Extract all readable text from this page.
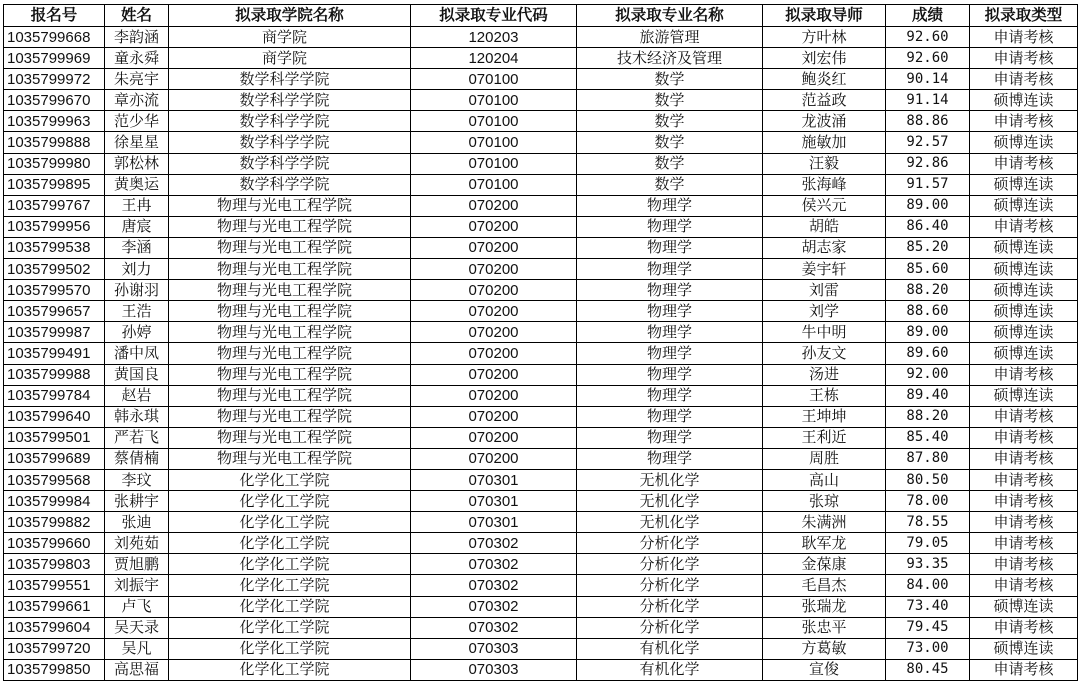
报名号	姓名	拟录取学院名称	拟录取专业代码	拟录取专业名称	拟录取导师	成绩	拟录取类型
1035799668	李韵涵	商学院	120203	旅游管理	方叶林	92.60	申请考核
1035799969	童永舜	商学院	120204	技术经济及管理	刘宏伟	92.60	申请考核
1035799972	朱亮宇	数学科学学院	070100	数学	鲍炎红	90.14	申请考核
1035799670	章亦流	数学科学学院	070100	数学	范益政	91.14	硕博连读
1035799963	范少华	数学科学学院	070100	数学	龙波涌	88.86	申请考核
1035799888	徐星星	数学科学学院	070100	数学	施敏加	92.57	硕博连读
1035799980	郭松林	数学科学学院	070100	数学	汪毅	92.86	申请考核
1035799895	黄奥运	数学科学学院	070100	数学	张海峰	91.57	硕博连读
1035799767	王冉	物理与光电工程学院	070200	物理学	侯兴元	89.00	硕博连读
1035799956	唐宸	物理与光电工程学院	070200	物理学	胡皓	86.40	申请考核
1035799538	李涵	物理与光电工程学院	070200	物理学	胡志家	85.20	硕博连读
1035799502	刘力	物理与光电工程学院	070200	物理学	姜宇轩	85.60	硕博连读
1035799570	孙谢羽	物理与光电工程学院	070200	物理学	刘雷	88.20	硕博连读
1035799657	王浩	物理与光电工程学院	070200	物理学	刘学	88.60	硕博连读
1035799987	孙婷	物理与光电工程学院	070200	物理学	牛中明	89.00	硕博连读
1035799491	潘中凤	物理与光电工程学院	070200	物理学	孙友文	89.60	硕博连读
1035799988	黄国良	物理与光电工程学院	070200	物理学	汤进	92.00	申请考核
1035799784	赵岩	物理与光电工程学院	070200	物理学	王栋	89.40	硕博连读
1035799640	韩永琪	物理与光电工程学院	070200	物理学	王坤坤	88.20	申请考核
1035799501	严若飞	物理与光电工程学院	070200	物理学	王利近	85.40	申请考核
1035799689	蔡倩楠	物理与光电工程学院	070200	物理学	周胜	87.80	申请考核
1035799568	李玟	化学化工学院	070301	无机化学	高山	80.50	申请考核
1035799984	张耕宇	化学化工学院	070301	无机化学	张琼	78.00	申请考核
1035799882	张迪	化学化工学院	070301	无机化学	朱满洲	78.55	申请考核
1035799660	刘苑茹	化学化工学院	070302	分析化学	耿军龙	79.05	申请考核
1035799803	贾旭鹏	化学化工学院	070302	分析化学	金葆康	93.35	申请考核
1035799551	刘振宇	化学化工学院	070302	分析化学	毛昌杰	84.00	申请考核
1035799661	卢飞	化学化工学院	070302	分析化学	张瑞龙	73.40	硕博连读
1035799604	吴天录	化学化工学院	070302	分析化学	张忠平	79.45	申请考核
1035799720	吴凡	化学化工学院	070303	有机化学	方葛敏	73.00	硕博连读
1035799850	高思福	化学化工学院	070303	有机化学	宣俊	80.45	申请考核
